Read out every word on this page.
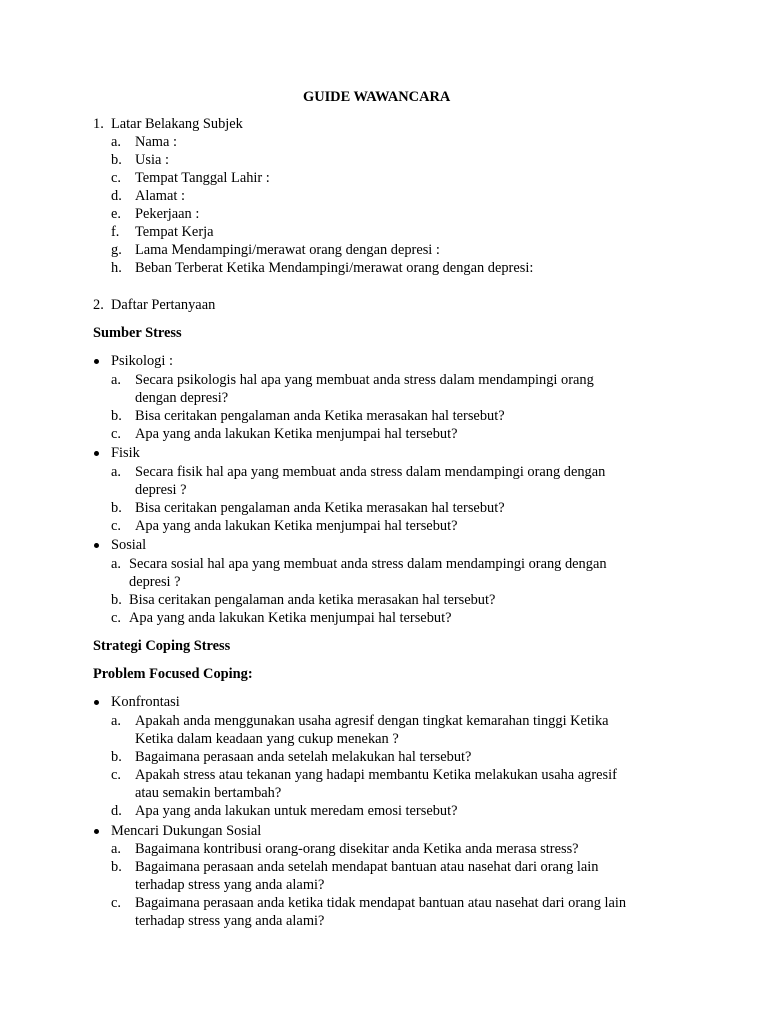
GUIDE WAWANCARA
1. Latar Belakang Subjek
a. Nama :
b. Usia :
c. Tempat Tanggal Lahir :
d. Alamat :
e. Pekerjaan :
f. Tempat Kerja
g. Lama Mendampingi/merawat orang dengan depresi :
h. Beban Terberat Ketika Mendampingi/merawat orang dengan depresi:
2. Daftar Pertanyaan
Sumber Stress
Psikologi :
a. Secara psikologis hal apa yang membuat anda stress dalam mendampingi orang
dengan depresi?
b. Bisa ceritakan pengalaman anda Ketika merasakan hal tersebut?
c. Apa yang anda lakukan Ketika menjumpai hal tersebut?
Fisik
a. Secara fisik hal apa yang membuat anda stress dalam mendampingi orang dengan
depresi ?
b. Bisa ceritakan pengalaman anda Ketika merasakan hal tersebut?
c. Apa yang anda lakukan Ketika menjumpai hal tersebut?
Sosial
a. Secara sosial hal apa yang membuat anda stress dalam mendampingi orang dengan
depresi ?
b. Bisa ceritakan pengalaman anda ketika merasakan hal tersebut?
c. Apa yang anda lakukan Ketika menjumpai hal tersebut?
Strategi Coping Stress
Problem Focused Coping:
Konfrontasi
a. Apakah anda menggunakan usaha agresif dengan tingkat kemarahan tinggi Ketika
Ketika dalam keadaan yang cukup menekan ?
b. Bagaimana perasaan anda setelah melakukan hal tersebut?
c. Apakah stress atau tekanan yang hadapi membantu Ketika melakukan usaha agresif
atau semakin bertambah?
d. Apa yang anda lakukan untuk meredam emosi tersebut?
Mencari Dukungan Sosial
a. Bagaimana kontribusi orang-orang disekitar anda Ketika anda merasa stress?
b. Bagaimana perasaan anda setelah mendapat bantuan atau nasehat dari orang lain
terhadap stress yang anda alami?
c. Bagaimana perasaan anda ketika tidak mendapat bantuan atau nasehat dari orang lain
terhadap stress yang anda alami?
